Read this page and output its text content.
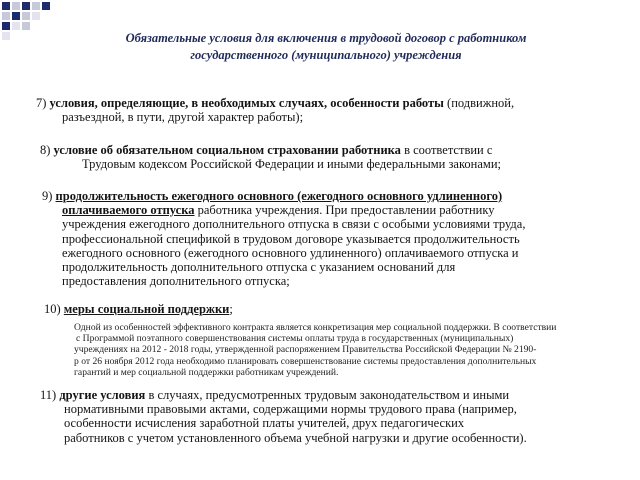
Обязательные условия для включения в трудовой договор с работником
государственного (муниципального) учреждения
7) условия, определяющие, в необходимых случаях, особенности работы (подвижной,
разъездной, в пути, другой характер работы);
8) условие об обязательном социальном страховании работника в соответствии с
Трудовым кодексом Российской Федерации и иными федеральными законами;
9) продолжительность ежегодного основного (ежегодного основного удлиненного)
оплачиваемого отпуска работника учреждения. При предоставлении работнику
учреждения ежегодного дополнительного отпуска в связи с особыми условиями труда,
профессиональной спецификой в трудовом договоре указывается продолжительность
ежегодного основного (ежегодного основного удлиненного) оплачиваемого отпуска и
продолжительность дополнительного отпуска с указанием оснований для
предоставления дополнительного отпуска;
10) меры социальной поддержки;
Одной из особенностей эффективного контракта является конкретизация мер социальной поддержки. В соответствии
с Программой поэтапного совершенствования системы оплаты труда в государственных (муниципальных)
учреждениях на 2012 - 2018 годы, утвержденной распоряжением Правительства Российской Федерации № 2190-
р от 26 ноября 2012 года необходимо планировать совершенствование системы предоставления дополнительных
гарантий и мер социальной поддержки работникам учреждений.
11) другие условия в случаях, предусмотренных трудовым законодательством и иными
нормативными правовыми актами, содержащими нормы трудового права (например,
особенности исчисления заработной платы учителей, друх педагогических
работников с учетом установленного объема учебной нагрузки и другие особенности).
